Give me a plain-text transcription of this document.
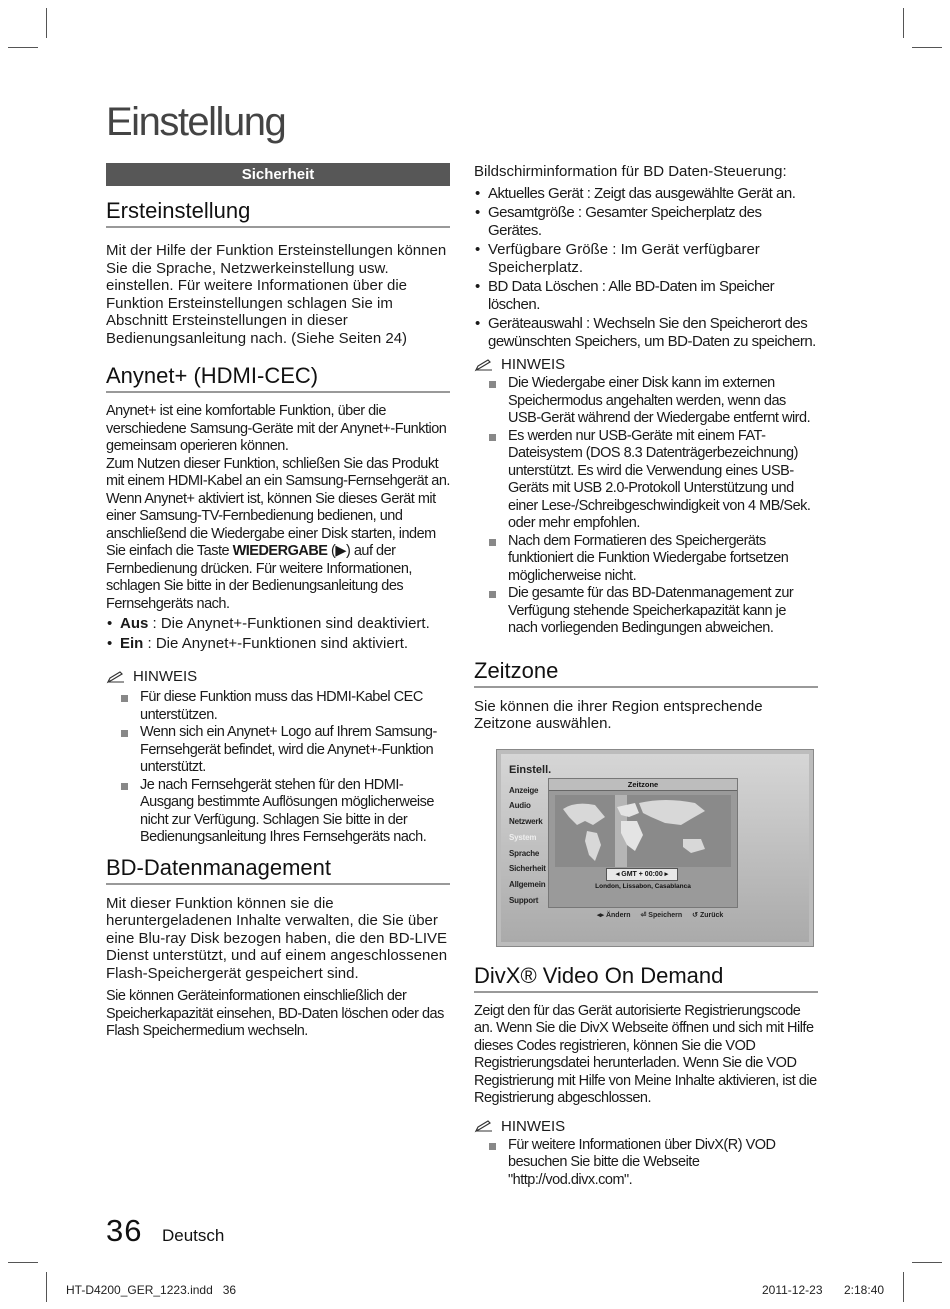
Einstellung
Sicherheit
Ersteinstellung

Mit der Hilfe der Funktion Ersteinstellungen können Sie die Sprache, Netzwerkeinstellung usw. einstellen. Für weitere Informationen über die Funktion Ersteinstellungen schlagen Sie im Abschnitt Ersteinstellungen in dieser Bedienungsanleitung nach. (Siehe Seiten 24)

Anynet+ (HDMI-CEC)

Anynet+ ist eine komfortable Funktion, über die verschiedene Samsung-Geräte mit der Anynet+-Funktion gemeinsam operieren können.
Zum Nutzen dieser Funktion, schließen Sie das Produkt mit einem HDMI-Kabel an ein Samsung-Fernsehgerät an. Wenn Anynet+ aktiviert ist, können Sie dieses Gerät mit einer Samsung-TV-Fernbedienung bedienen, und anschließend die Wiedergabe einer Disk starten, indem Sie einfach die Taste WIEDERGABE (▶) auf der Fernbedienung drücken. Für weitere Informationen, schlagen Sie bitte in der Bedienungsanleitung des Fernsehgeräts nach.

• Aus : Die Anynet+-Funktionen sind deaktiviert.
• Ein : Die Anynet+-Funktionen sind aktiviert.
HINWEIS
Für diese Funktion muss das HDMI-Kabel CEC unterstützen.
Wenn sich ein Anynet+ Logo auf Ihrem Samsung-Fernsehgerät befindet, wird die Anynet+-Funktion unterstützt.
Je nach Fernsehgerät stehen für den HDMI-Ausgang bestimmte Auflösungen möglicherweise nicht zur Verfügung. Schlagen Sie bitte in der Bedienungsanleitung Ihres Fernsehgeräts nach.
BD-Datenmanagement

Mit dieser Funktion können sie die heruntergeladenen Inhalte verwalten, die Sie über eine Blu-ray Disk bezogen haben, die den BD-LIVE Dienst unterstützt, und auf einem angeschlossenen Flash-Speichergerät gespeichert sind.

Sie können Geräteinformationen einschließlich der Speicherkapazität einsehen, BD-Daten löschen oder das Flash Speichermedium wechseln.

Bildschirminformation für BD Daten-Steuerung:

• Aktuelles Gerät : Zeigt das ausgewählte Gerät an.
• Gesamtgröße : Gesamter Speicherplatz des Gerätes.
• Verfügbare Größe : Im Gerät verfügbarer Speicherplatz.
• BD Data Löschen : Alle BD-Daten im Speicher löschen.
• Geräteauswahl : Wechseln Sie den Speicherort des gewünschten Speichers, um BD-Daten zu speichern.
HINWEIS
Die Wiedergabe einer Disk kann im externen Speichermodus angehalten werden, wenn das USB-Gerät während der Wiedergabe entfernt wird.
Es werden nur USB-Geräte mit einem FAT-Dateisystem (DOS 8.3 Datenträgerbezeichnung) unterstützt. Es wird die Verwendung eines USB-Geräts mit USB 2.0-Protokoll Unterstützung und einer Lese-/Schreibgeschwindigkeit von 4 MB/Sek. oder mehr empfohlen.
Nach dem Formatieren des Speichergeräts funktioniert die Funktion Wiedergabe fortsetzen möglicherweise nicht.
Die gesamte für das BD-Datenmanagement zur Verfügung stehende Speicherkapazität kann je nach vorliegenden Bedingungen abweichen.
Zeitzone

Sie können die ihrer Region entsprechende Zeitzone auswählen.

Einstell.
Anzeige
Audio
Netzwerk
System
Sprache
Sicherheit
Allgemein
Support
Zeitzone
◂ GMT + 00:00 ▸
London, Lissabon, Casablanca
◂▸ Ändern ⏎ Speichern ↺ Zurück
DivX® Video On Demand

Zeigt den für das Gerät autorisierte Registrierungscode an. Wenn Sie die DivX Webseite öffnen und sich mit Hilfe dieses Codes registrieren, können Sie die VOD Registrierungsdatei herunterladen. Wenn Sie die VOD Registrierung mit Hilfe von Meine Inhalte aktivieren, ist die Registrierung abgeschlossen.

HINWEIS
Für weitere Informationen über DivX(R) VOD besuchen Sie bitte die Webseite "http://vod.divx.com".
36 Deutsch
HT-D4200_GER_1223.indd   36	2011-12-23 2:18:40
